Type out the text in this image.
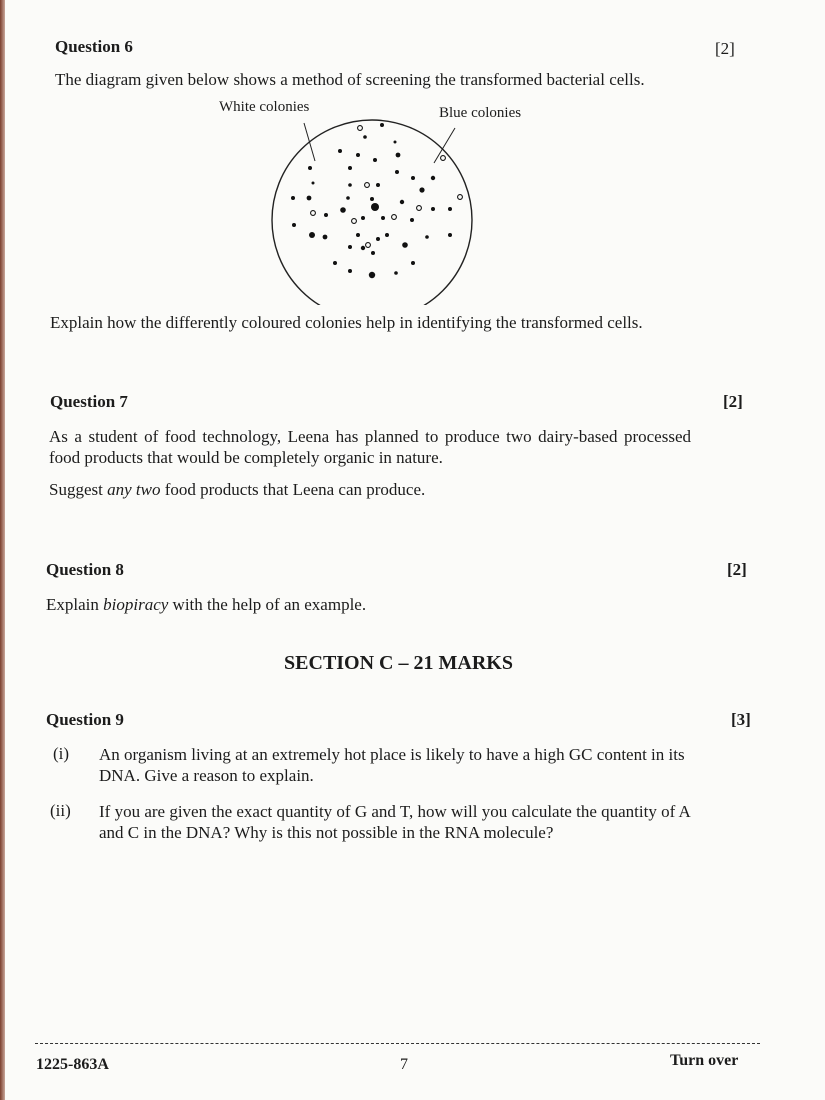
Question 6	[2]

The diagram given below shows a method of screening the transformed bacterial cells.

White colonies	Blue colonies

Explain how the differently coloured colonies help in identifying the transformed cells.

Question 7	[2]

As a student of food technology, Leena has planned to produce two dairy-based processed food products that would be completely organic in nature.

Suggest any two food products that Leena can produce.

Question 8	[2]

Explain biopiracy with the help of an example.

SECTION C – 21 MARKS

Question 9	[3]

(i) An organism living at an extremely hot place is likely to have a high GC content in its DNA. Give a reason to explain.

(ii) If you are given the exact quantity of G and T, how will you calculate the quantity of A and C in the DNA? Why is this not possible in the RNA molecule?

1225-863A	7	Turn over
